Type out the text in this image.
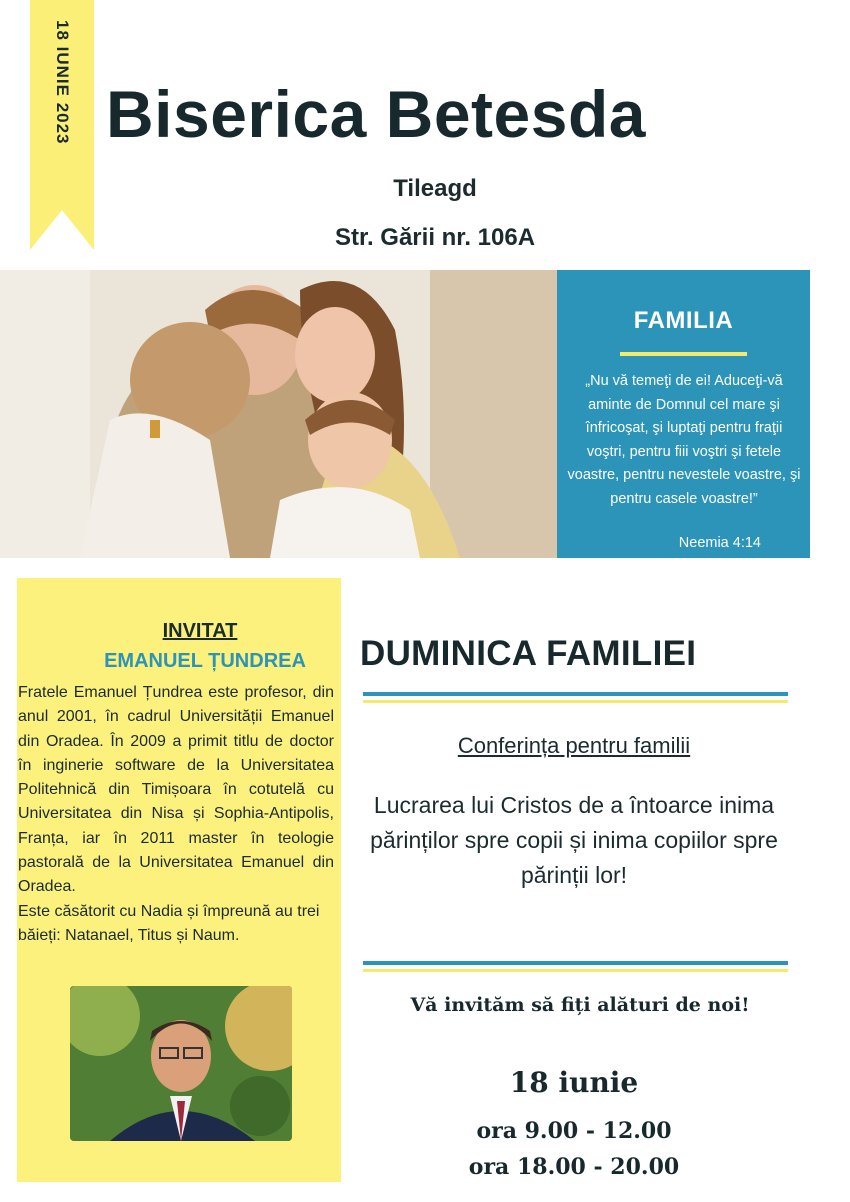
18 IUNIE 2023 Biserica Betesda
Tileagd
Str. Gării nr. 106A
FAMILIA
„Nu vă temeţi de ei! Aduceţi-vă aminte de Domnul cel mare şi înfricoşat, şi luptaţi pentru fraţii voştri, pentru fiii voştri şi fetele voastre, pentru nevestele voastre, şi pentru casele voastre!”
Neemia 4:14
INVITAT
EMANUEL ȚUNDREA

Fratele Emanuel Țundrea este profesor, din anul 2001, în cadrul Universității Emanuel din Oradea. În 2009 a primit titlu de doctor în inginerie software de la Universitatea Politehnică din Timișoara în cotutelă cu Universitatea din Nisa și Sophia-Antipolis, Franța, iar în 2011 master în teologie pastorală de la Universitatea Emanuel din Oradea.

Este căsătorit cu Nadia și împreună au trei băieți: Natanael, Titus și Naum.

DUMINICA FAMILIEI
Conferința pentru familii
Lucrarea lui Cristos de a întoarce inima părinților spre copii și inima copiilor spre părinții lor!
Vă invităm să fiți alături de noi!
18 iunie
ora 9.00 - 12.00
ora 18.00 - 20.00
